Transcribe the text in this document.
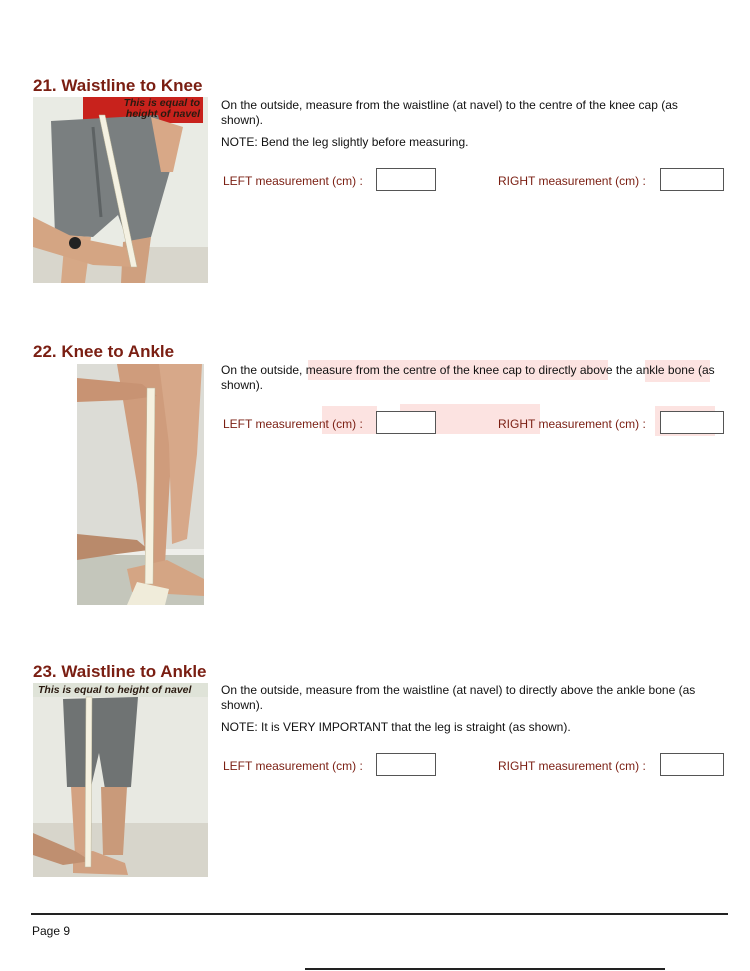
21. Waistline to Knee
This is equal to
height of navel

On the outside, measure from the waistline (at navel) to the centre of the knee cap (as shown).

NOTE: Bend the leg slightly before measuring.

LEFT measurement (cm) :	RIGHT measurement (cm) :
22. Knee to Ankle

On the outside, measure from the centre of the knee cap to directly above the ankle bone (as shown).

LEFT measurement (cm) :	RIGHT measurement (cm) :
23. Waistline to Ankle
This is equal to height of navel On the outside, measure from the waistline (at navel) to directly above the ankle bone (as shown).

NOTE: It is VERY IMPORTANT that the leg is straight (as shown).

LEFT measurement (cm) :	RIGHT measurement (cm) :
Page 9
